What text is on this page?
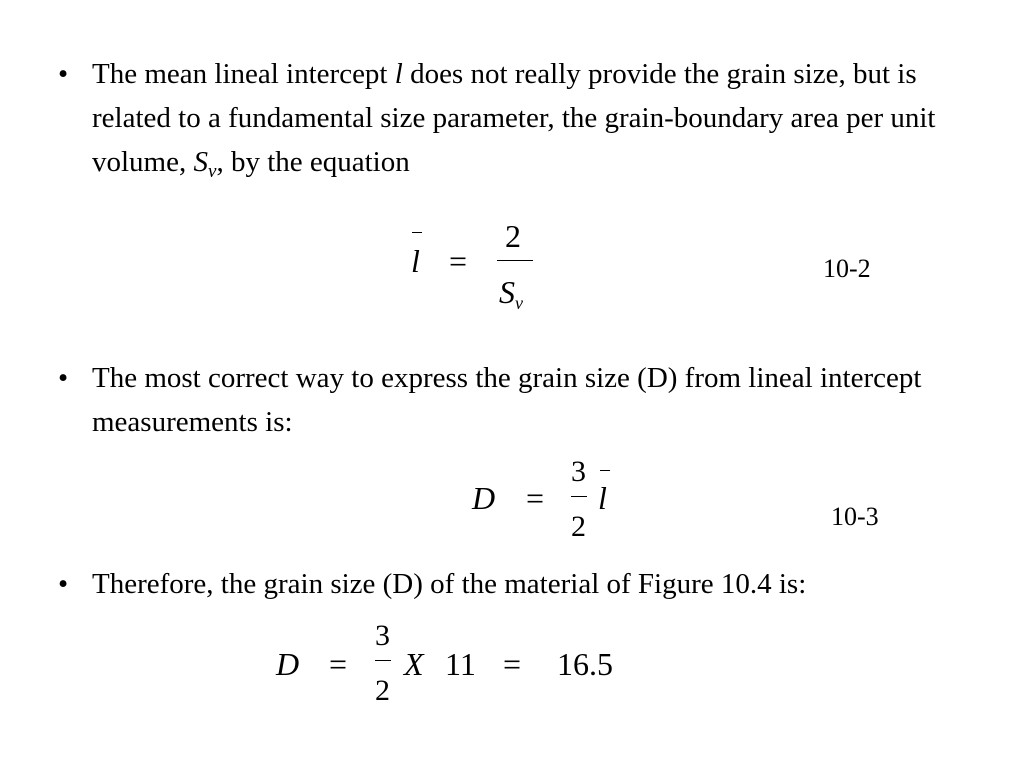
• The mean lineal intercept l does not really provide the grain size, but is related to a fundamental size parameter, the grain-boundary area per unit volume, $S_v$, by the equation
l =
2
$S_v$
10-2
• The most correct way to express the grain size (D) from lineal intercept measurements is:
D =
3
2
l
10-3
• Therefore, the grain size (D) of the material of Figure 10.4 is:
D =
3
2
X 11 = 16.5
